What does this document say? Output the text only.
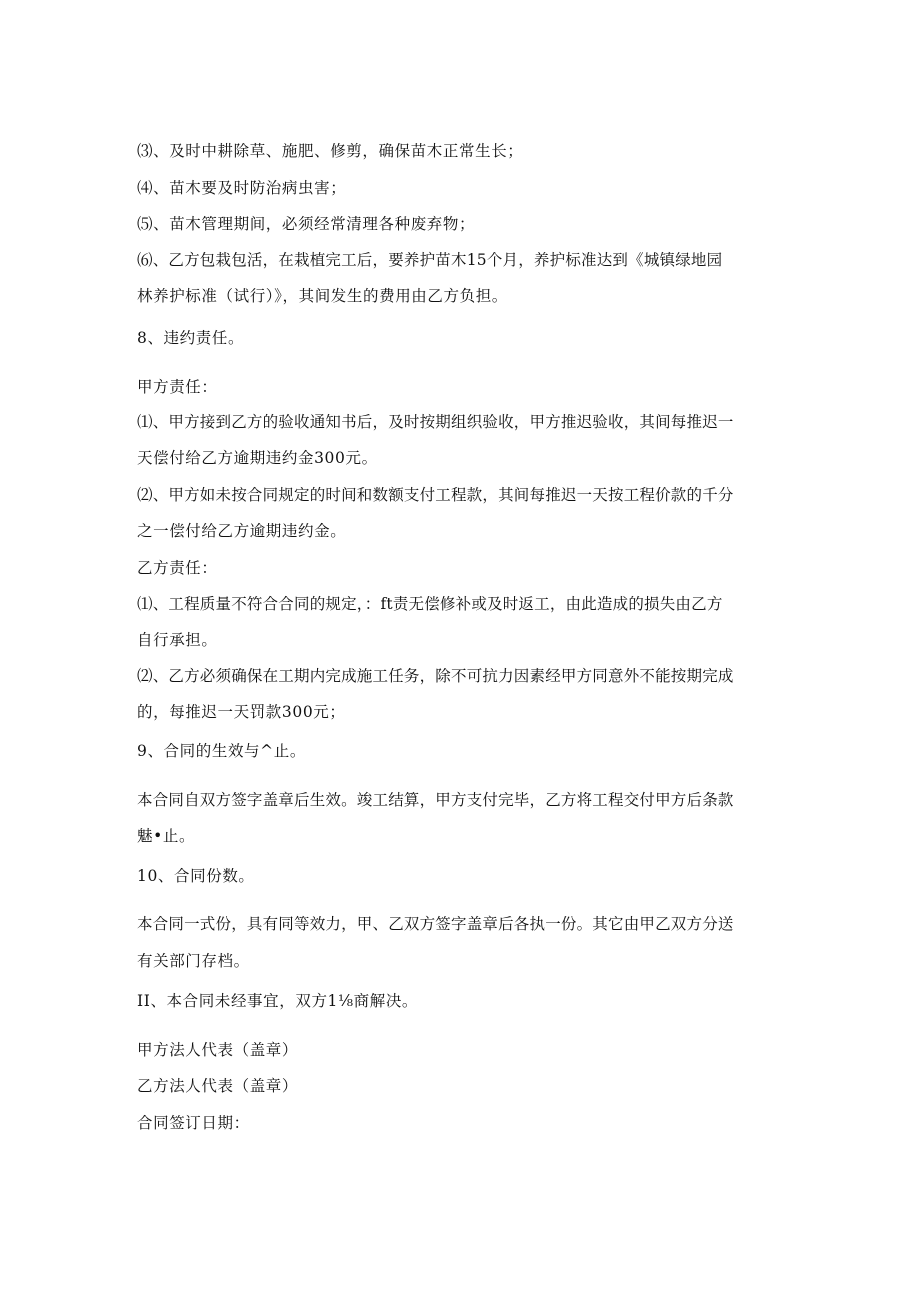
⑶、及时中耕除草、施肥、修剪，确保苗木正常生长；
⑷、苗木要及时防治病虫害；
⑸、苗木管理期间，必须经常清理各种废弃物；
⑹、乙方包栽包活，在栽植完工后，要养护苗木15个月，养护标准达到《城镇绿地园
林养护标准（试行）》，其间发生的费用由乙方负担。
8、违约责任。
甲方责任：
⑴、甲方接到乙方的验收通知书后，及时按期组织验收，甲方推迟验收，其间每推迟一
天偿付给乙方逾期违约金300元。
⑵、甲方如未按合同规定的时间和数额支付工程款，其间每推迟一天按工程价款的千分
之一偿付给乙方逾期违约金。
乙方责任：
⑴、工程质量不符合合同的规定，：ft责无偿修补或及时返工，由此造成的损失由乙方
自行承担。
⑵、乙方必须确保在工期内完成施工任务，除不可抗力因素经甲方同意外不能按期完成
的，每推迟一天罚款300元；
9、合同的生效与^止。
本合同自双方签字盖章后生效。竣工结算，甲方支付完毕，乙方将工程交付甲方后条款
魅•止。
10、合同份数。
本合同一式份，具有同等效力，甲、乙双方签字盖章后各执一份。其它由甲乙双方分送
有关部门存档。
II、本合同未经事宜，双方1⅛商解决。
甲方法人代表（盖章）
乙方法人代表（盖章）
合同签订日期：
